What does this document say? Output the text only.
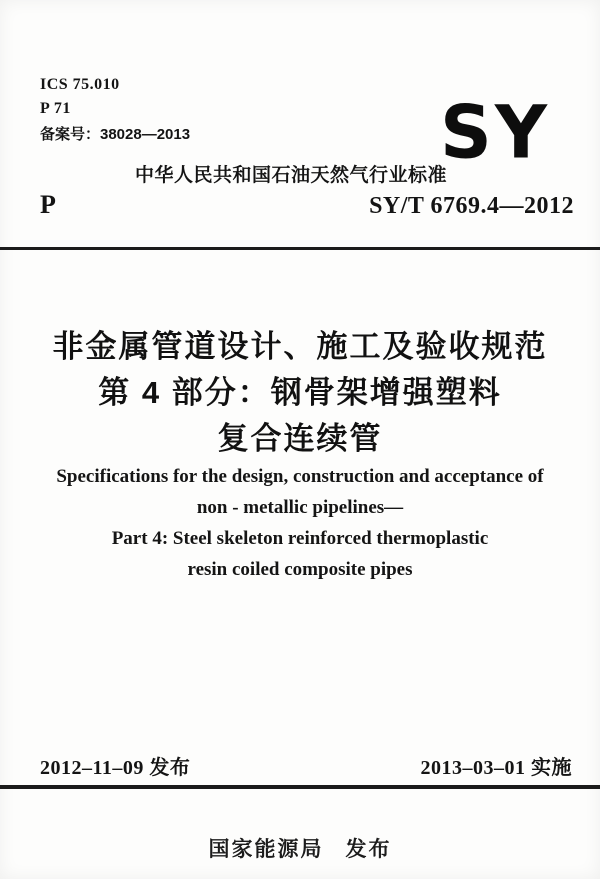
ICS 75.010
P 71
备案号：38028—2013	SY
中华人民共和国石油天然气行业标准
P	SY/T 6769.4—2012
非金属管道设计、施工及验收规范
第 4 部分：钢骨架增强塑料
复合连续管
Specifications for the design, construction and acceptance of
non - metallic pipelines—
Part 4: Steel skeleton reinforced thermoplastic
resin coiled composite pipes
2012–11–09 发布	2013–03–01 实施
国家能源局 发布
